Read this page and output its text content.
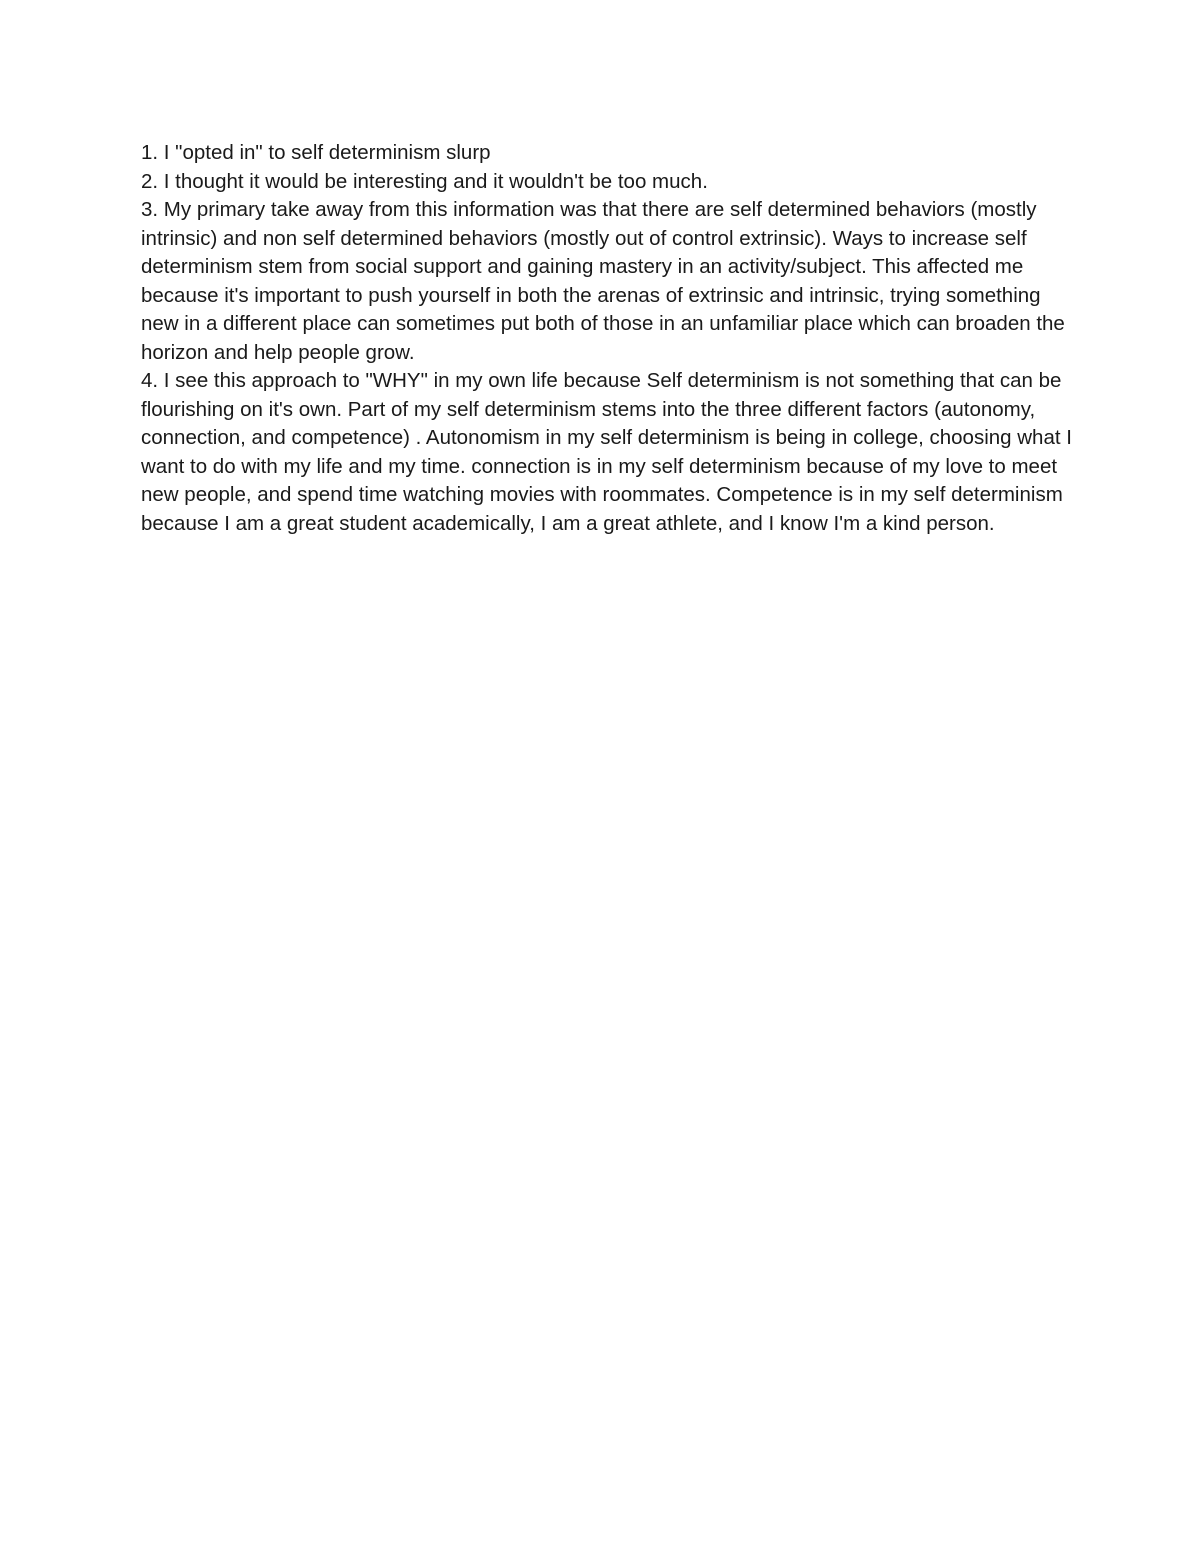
1. I "opted in" to self determinism slurp

2. I thought it would be interesting and it wouldn't be too much.

3. My primary take away from this information was that there are self determined behaviors (mostly intrinsic) and non self determined behaviors (mostly out of control extrinsic). Ways to increase self determinism stem from social support and gaining mastery in an activity/subject. This affected me because it's important to push yourself in both the arenas of extrinsic and intrinsic, trying something new in a different place can sometimes put both of those in an unfamiliar place which can broaden the horizon and help people grow.

4. I see this approach to "WHY" in my own life because Self determinism is not something that can be flourishing on it's own. Part of my self determinism stems into the three different factors (autonomy, connection, and competence) . Autonomism in my self determinism is being in college, choosing what I want to do with my life and my time. connection is in my self determinism because of my love to meet new people, and spend time watching movies with roommates. Competence is in my self determinism because I am a great student academically, I am a great athlete, and I know I'm a kind person.
